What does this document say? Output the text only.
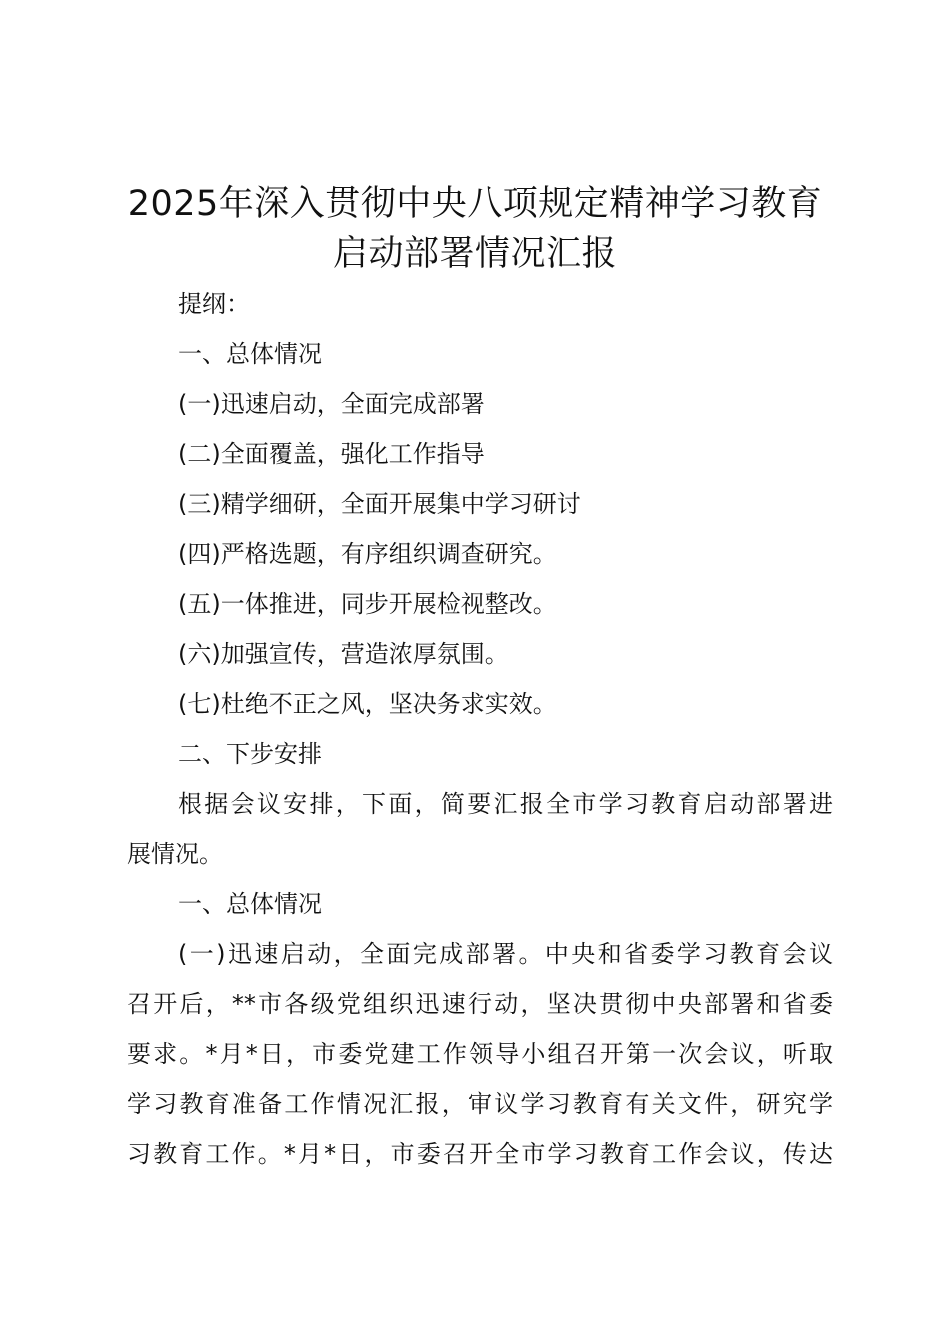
2025年深入贯彻中央八项规定精神学习教育
启动部署情况汇报
提纲：
一、总体情况
(一)迅速启动，全面完成部署
(二)全面覆盖，强化工作指导
(三)精学细研，全面开展集中学习研讨
(四)严格选题，有序组织调查研究。
(五)一体推进，同步开展检视整改。
(六)加强宣传，营造浓厚氛围。
(七)杜绝不正之风，坚决务求实效。
二、下步安排
根据会议安排，下面，简要汇报全市学习教育启动部署进
展情况。
一、总体情况
(一)迅速启动，全面完成部署。中央和省委学习教育会议
召开后，**市各级党组织迅速行动，坚决贯彻中央部署和省委
要求。*月*日，市委党建工作领导小组召开第一次会议，听取
学习教育准备工作情况汇报，审议学习教育有关文件，研究学
习教育工作。*月*日，市委召开全市学习教育工作会议，传达
